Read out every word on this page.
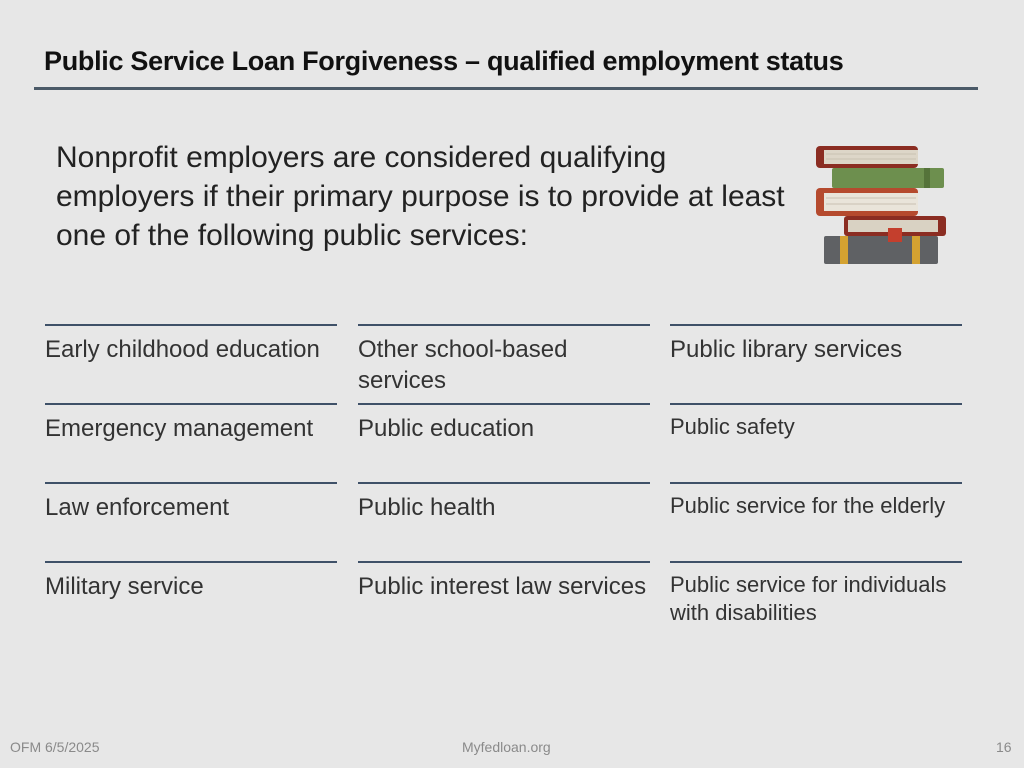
Public Service Loan Forgiveness – qualified employment status
Nonprofit employers are considered qualifying employers if their primary purpose is to provide at least one of the following public services:
Early childhood education
Emergency management
Law enforcement
Military service
Other school-based services
Public education
Public health
Public interest law services
Public library services
Public safety
Public service for the elderly
Public service for individuals with disabilities
OFM 6/5/2025	Myfedloan.org	16
